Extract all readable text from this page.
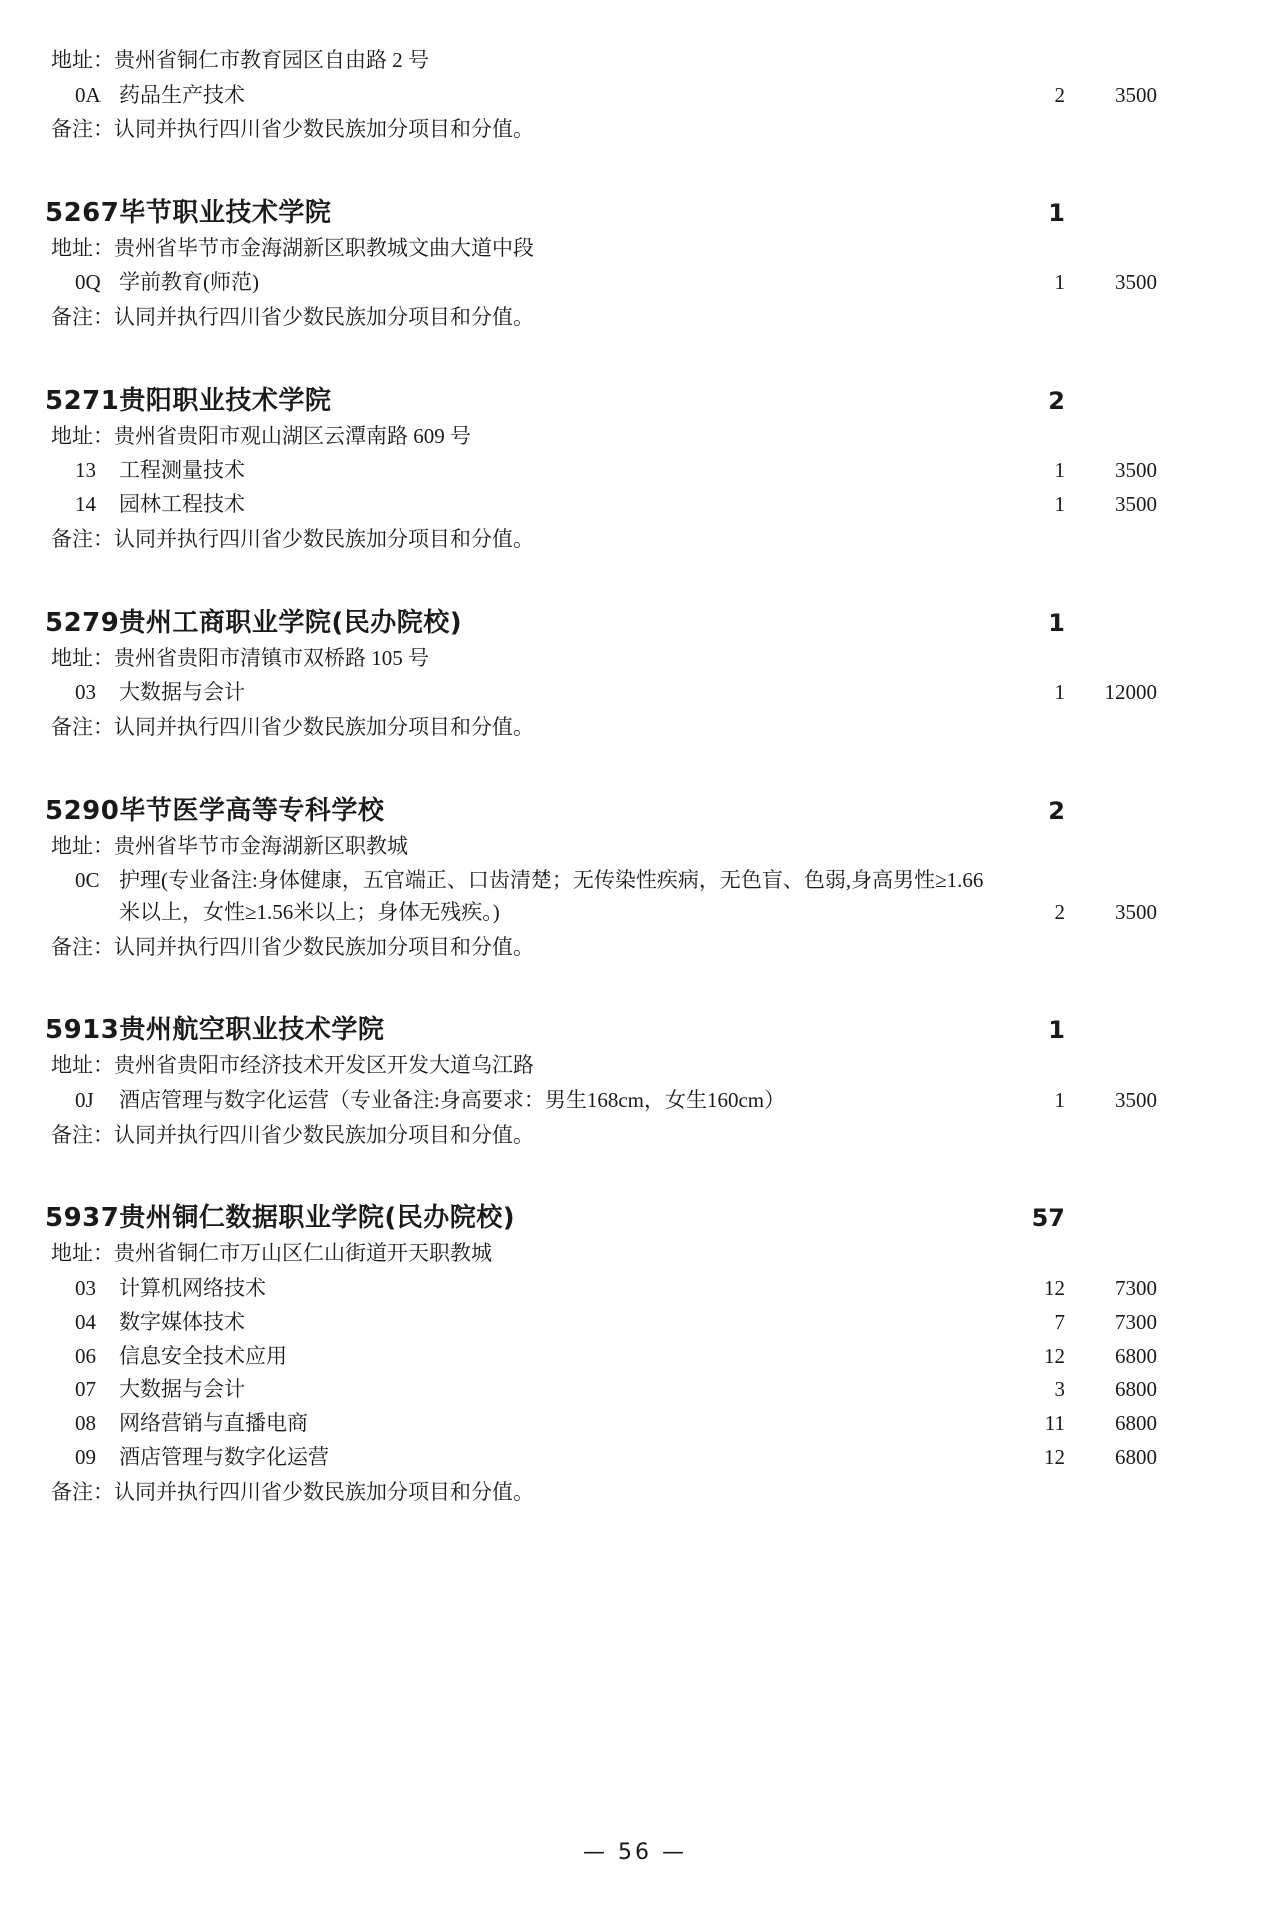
地址：贵州省铜仁市教育园区自由路 2 号
0A 药品生产技术	2	3500
备注：认同并执行四川省少数民族加分项目和分值。
5267毕节职业技术学院	1
地址：贵州省毕节市金海湖新区职教城文曲大道中段
0Q 学前教育(师范)	1	3500
备注：认同并执行四川省少数民族加分项目和分值。
5271贵阳职业技术学院	2
地址：贵州省贵阳市观山湖区云潭南路 609 号
13 工程测量技术	1	3500
14 园林工程技术	1	3500
备注：认同并执行四川省少数民族加分项目和分值。
5279贵州工商职业学院(民办院校)	1
地址：贵州省贵阳市清镇市双桥路 105 号
03 大数据与会计	1	12000
备注：认同并执行四川省少数民族加分项目和分值。
5290毕节医学高等专科学校	2
地址：贵州省毕节市金海湖新区职教城
0C 护理(专业备注:身体健康，五官端正、口齿清楚；无传染性疾病，无色盲、色弱,身高男性≥1.66米以上，女性≥1.56米以上；身体无残疾。)	2	3500
备注：认同并执行四川省少数民族加分项目和分值。
5913贵州航空职业技术学院	1
地址：贵州省贵阳市经济技术开发区开发大道乌江路
0J 酒店管理与数字化运营（专业备注:身高要求：男生168cm，女生160cm）	1	3500
备注：认同并执行四川省少数民族加分项目和分值。
5937贵州铜仁数据职业学院(民办院校)	57
地址：贵州省铜仁市万山区仁山街道开天职教城
03 计算机网络技术	12	7300
04 数字媒体技术	7	7300
06 信息安全技术应用	12	6800
07 大数据与会计	3	6800
08 网络营销与直播电商	11	6800
09 酒店管理与数字化运营	12	6800
备注：认同并执行四川省少数民族加分项目和分值。
— 56 —
